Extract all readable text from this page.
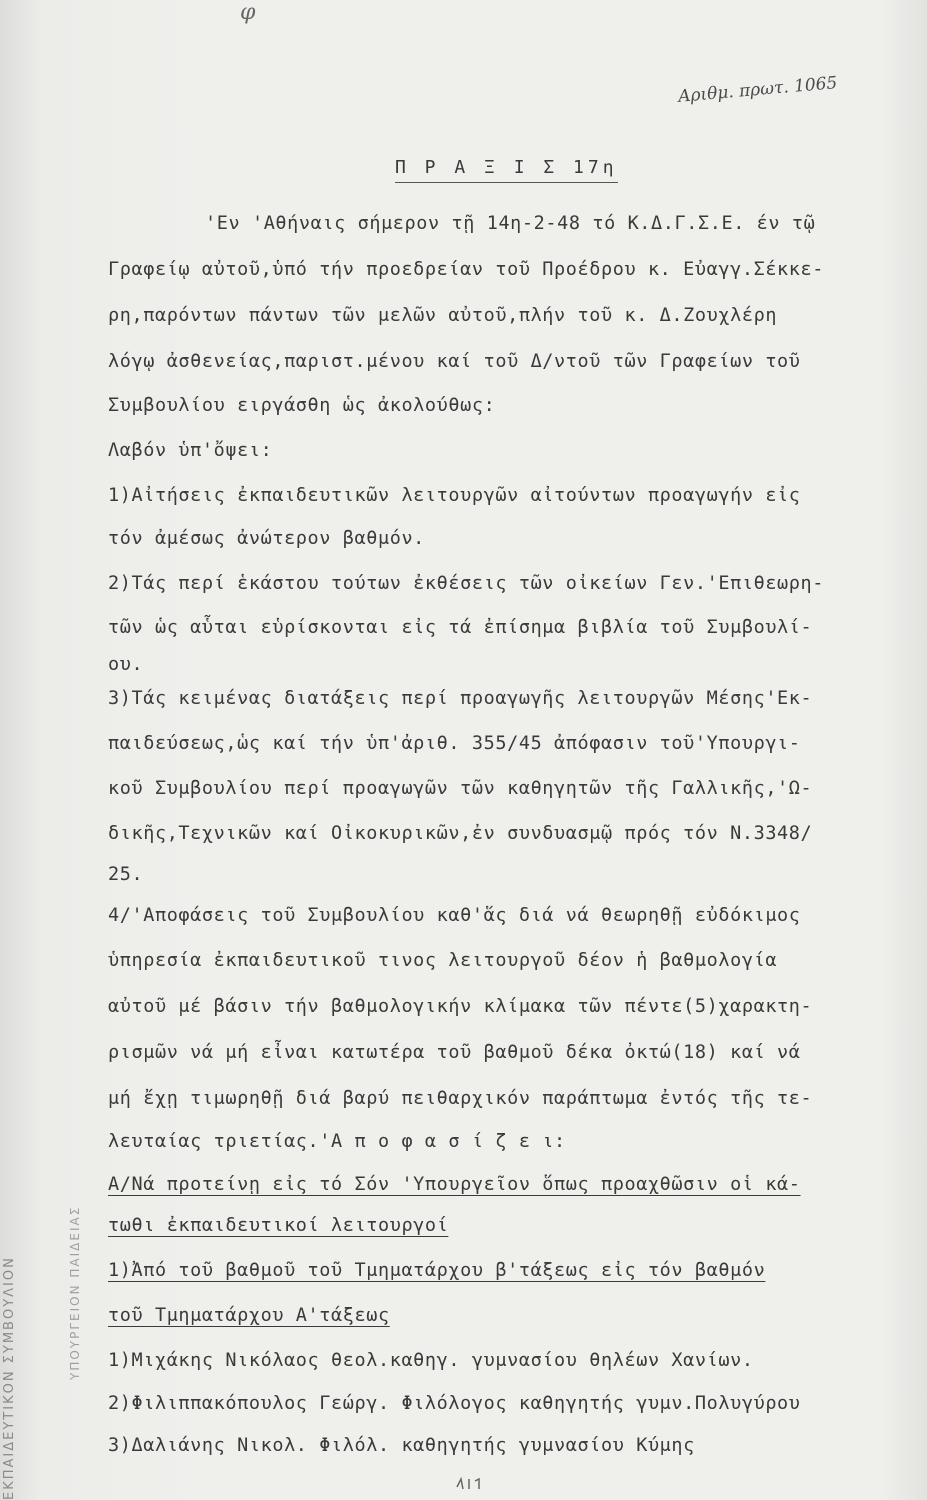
φ
Αριθμ. πρωτ. 1065
ΕΚΠΑΙΔΕΥΤΙΚΟΝ ΣΥΜΒΟΥΛΙΟΝ	ΥΠΟΥΡΓΕΙΟΝ ΠΑΙΔΕΙΑΣ
Π Ρ Α Ξ Ι Σ 17η
'Εν 'Αθήναις σήμερον τῇ 14η-2-48 τό Κ.Δ.Γ.Σ.Ε. έν τῷ
Γραφείῳ αὐτοῦ,ὑπό τήν προεδρείαν τοῦ Προέδρου κ. Εὐαγγ.Σέκκε-
ρη,παρόντων πάντων τῶν μελῶν αὐτοῦ,πλήν τοῦ κ. Δ.Ζουχλέρη
λόγῳ ἀσθενείας,παριστ.μένου καί τοῦ Δ/ντοῦ τῶν Γραφείων τοῦ
Συμβουλίου ειργάσθη ὡς ἀκολούθως:
Λαβόν ὑπ'ὄψει:
1)Αἰτήσεις ἐκπαιδευτικῶν λειτουργῶν αἰτούντων προαγωγήν εἰς
τόν ἀμέσως ἀνώτερον βαθμόν.
2)Τάς περί ἑκάστου τούτων ἐκθέσεις τῶν οἰκείων Γεν.'Επιθεωρη-
τῶν ὡς αὗται εὑρίσκονται εἰς τά ἐπίσημα βιβλία τοῦ Συμβουλί-
ου.
3)Τάς κειμένας διατάξεις περί προαγωγῆς λειτουργῶν Μέσης'Εκ-
παιδεύσεως,ὡς καί τήν ὑπ'ἀριθ. 355/45 ἀπόφασιν τοῦ'Υπουργι-
κοῦ Συμβουλίου περί προαγωγῶν τῶν καθηγητῶν τῆς Γαλλικῆς,'Ω-
δικῆς,Τεχνικῶν καί Οἰκοκυρικῶν,ἐν συνδυασμῷ πρός τόν Ν.3348/
25.
4/'Αποφάσεις τοῦ Συμβουλίου καθ'ἅς διά νά θεωρηθῇ εὐδόκιμος
ὑπηρεσία ἐκπαιδευτικοῦ τινος λειτουργοῦ δέον ἡ βαθμολογία
αὐτοῦ μέ βάσιν τήν βαθμολογικήν κλίμακα τῶν πέντε(5)χαρακτη-
ρισμῶν νά μή εἶναι κατωτέρα τοῦ βαθμοῦ δέκα ὀκτώ(18) καί νά
μή ἔχῃ τιμωρηθῇ διά βαρύ πειθαρχικόν παράπτωμα ἐντός τῆς τε-
λευταίας τριετίας.'Α π ο φ α σ ί ζ ε ι:
Α/Νά προτείνῃ εἰς τό Σόν 'Υπουργεῖον ὅπως προαχθῶσιν οἱ κά-
τωθι ἐκπαιδευτικοί λειτουργοί
1)Ἀπό τοῦ βαθμοῦ τοῦ Τμηματάρχου β'τάξεως εἰς τόν βαθμόν
τοῦ Τμηματάρχου Α'τάξεως
1)Μιχάκης Νικόλαος θεολ.καθηγ. γυμνασίου θηλέων Χανίων.
2)Φιλιππακόπουλος Γεώργ. Φιλόλογος καθηγητής γυμν.Πολυγύρου
3)Δαλιάνης Νικολ. Φιλόλ. καθηγητής γυμνασίου Κύμης
